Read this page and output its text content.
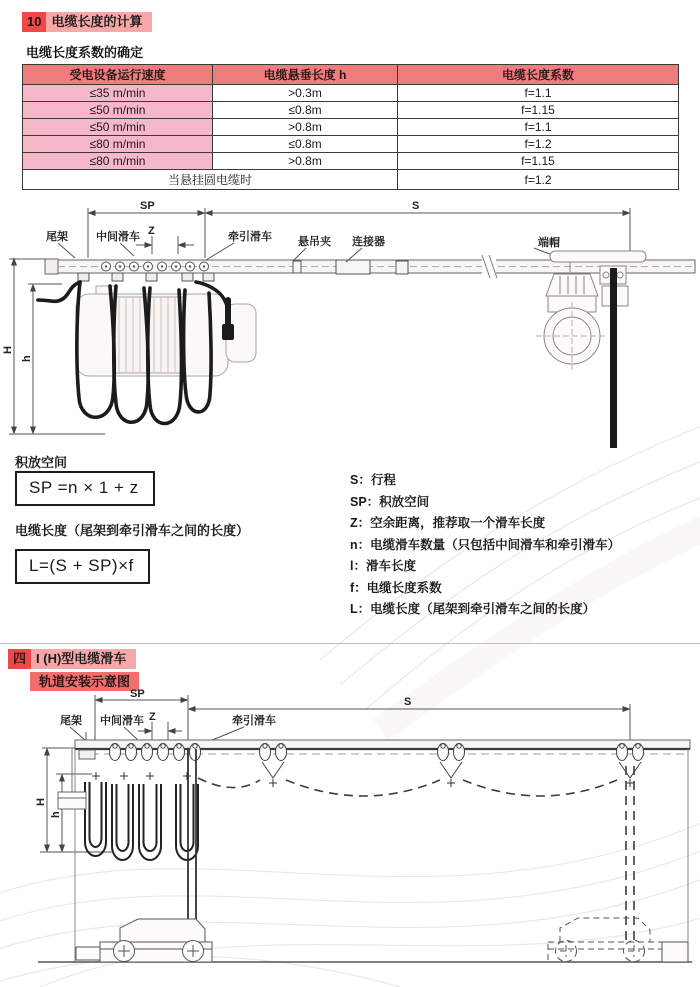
10 电缆长度的计算
电缆长度系数的确定
受电设备运行速度	电缆悬垂长度 h	电缆长度系数
≤35 m/min	>0.3m	f=1.1
≤50 m/min	≤0.8m	f=1.15
≤50 m/min	>0.8m	f=1.1
≤80 m/min	≤0.8m	f=1.2
≤80 m/min	>0.8m	f=1.15
当悬挂圆电缆时		f=1.2
SP	S
Z
H
h
尾架	中间滑车	牵引滑车 悬吊夹 连接器	端帽
积放空间
SP =n × 1 + z
电缆长度（尾架到牵引滑车之间的长度）
L=(S + SP)×f
S：行程
SP：积放空间
Z：空余距离，推荐取一个滑车长度
n：电缆滑车数量（只包括中间滑车和牵引滑车）
l：滑车长度
f：电缆长度系数
L：电缆长度（尾架到牵引滑车之间的长度）
四 I (H)型电缆滑车
轨道安装示意图
SP
S
Z
H
h
尾架 中间滑车	牵引滑车
